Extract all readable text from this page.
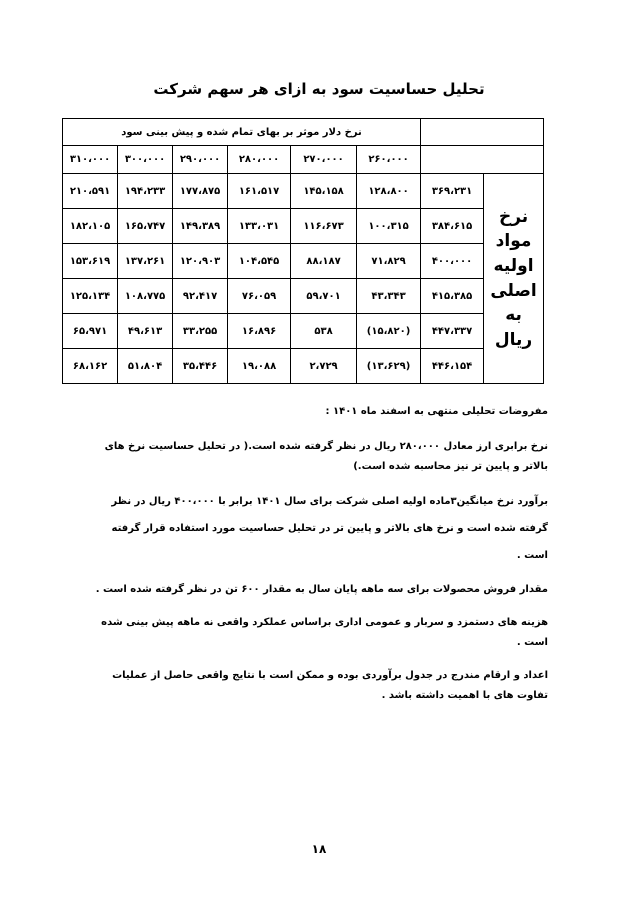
تحلیل حساسیت سود به ازای هر سهم شرکت
		نرخ دلار موثر بر بهای تمام شده و پیش بینی سود					
		۲۶۰،۰۰۰	۲۷۰،۰۰۰	۲۸۰،۰۰۰	۲۹۰،۰۰۰	۳۰۰،۰۰۰	۳۱۰،۰۰۰
نرخ مواد اولیه اصلی به ریال	۳۶۹،۲۳۱	۱۲۸،۸۰۰	۱۴۵،۱۵۸	۱۶۱،۵۱۷	۱۷۷،۸۷۵	۱۹۴،۲۳۳	۲۱۰،۵۹۱
	۳۸۴،۶۱۵	۱۰۰،۳۱۵	۱۱۶،۶۷۳	۱۳۳،۰۳۱	۱۴۹،۳۸۹	۱۶۵،۷۴۷	۱۸۲،۱۰۵
	۴۰۰،۰۰۰	۷۱،۸۲۹	۸۸،۱۸۷	۱۰۴،۵۴۵	۱۲۰،۹۰۳	۱۳۷،۲۶۱	۱۵۳،۶۱۹
	۴۱۵،۳۸۵	۴۳،۳۴۳	۵۹،۷۰۱	۷۶،۰۵۹	۹۲،۴۱۷	۱۰۸،۷۷۵	۱۲۵،۱۳۴
	۴۴۷،۳۳۷	(۱۵،۸۲۰)	۵۳۸	۱۶،۸۹۶	۳۳،۲۵۵	۴۹،۶۱۳	۶۵،۹۷۱
	۴۴۶،۱۵۴	(۱۳،۶۲۹)	۲،۷۲۹	۱۹،۰۸۸	۳۵،۴۴۶	۵۱،۸۰۴	۶۸،۱۶۲

مفروضات تحلیلی منتهی به اسفند ماه ۱۴۰۱ :

نرخ برابری ارز معادل ۲۸۰،۰۰۰ ریال در نظر گرفته شده است.( در تحلیل حساسیت نرخ های بالاتر و پایین تر نیز محاسبه شده است.)

برآورد نرخ میانگین۳ماده اولیه اصلی شرکت برای سال ۱۴۰۱ برابر با ۴۰۰،۰۰۰ ریال در نظر گرفته شده است و نرخ های بالاتر و پایین تر در تحلیل حساسیت مورد استفاده قرار گرفته است .

مقدار فروش محصولات برای سه ماهه پایان سال به مقدار ۶۰۰ تن در نظر گرفته شده است .

هزینه های دستمزد و سربار و عمومی اداری براساس عملکرد واقعی نه ماهه پیش بینی شده است .

اعداد و ارقام مندرج در جدول برآوردی بوده و ممکن است با نتایج واقعی حاصل از عملیات تفاوت های با اهمیت داشته باشد .

۱۸
